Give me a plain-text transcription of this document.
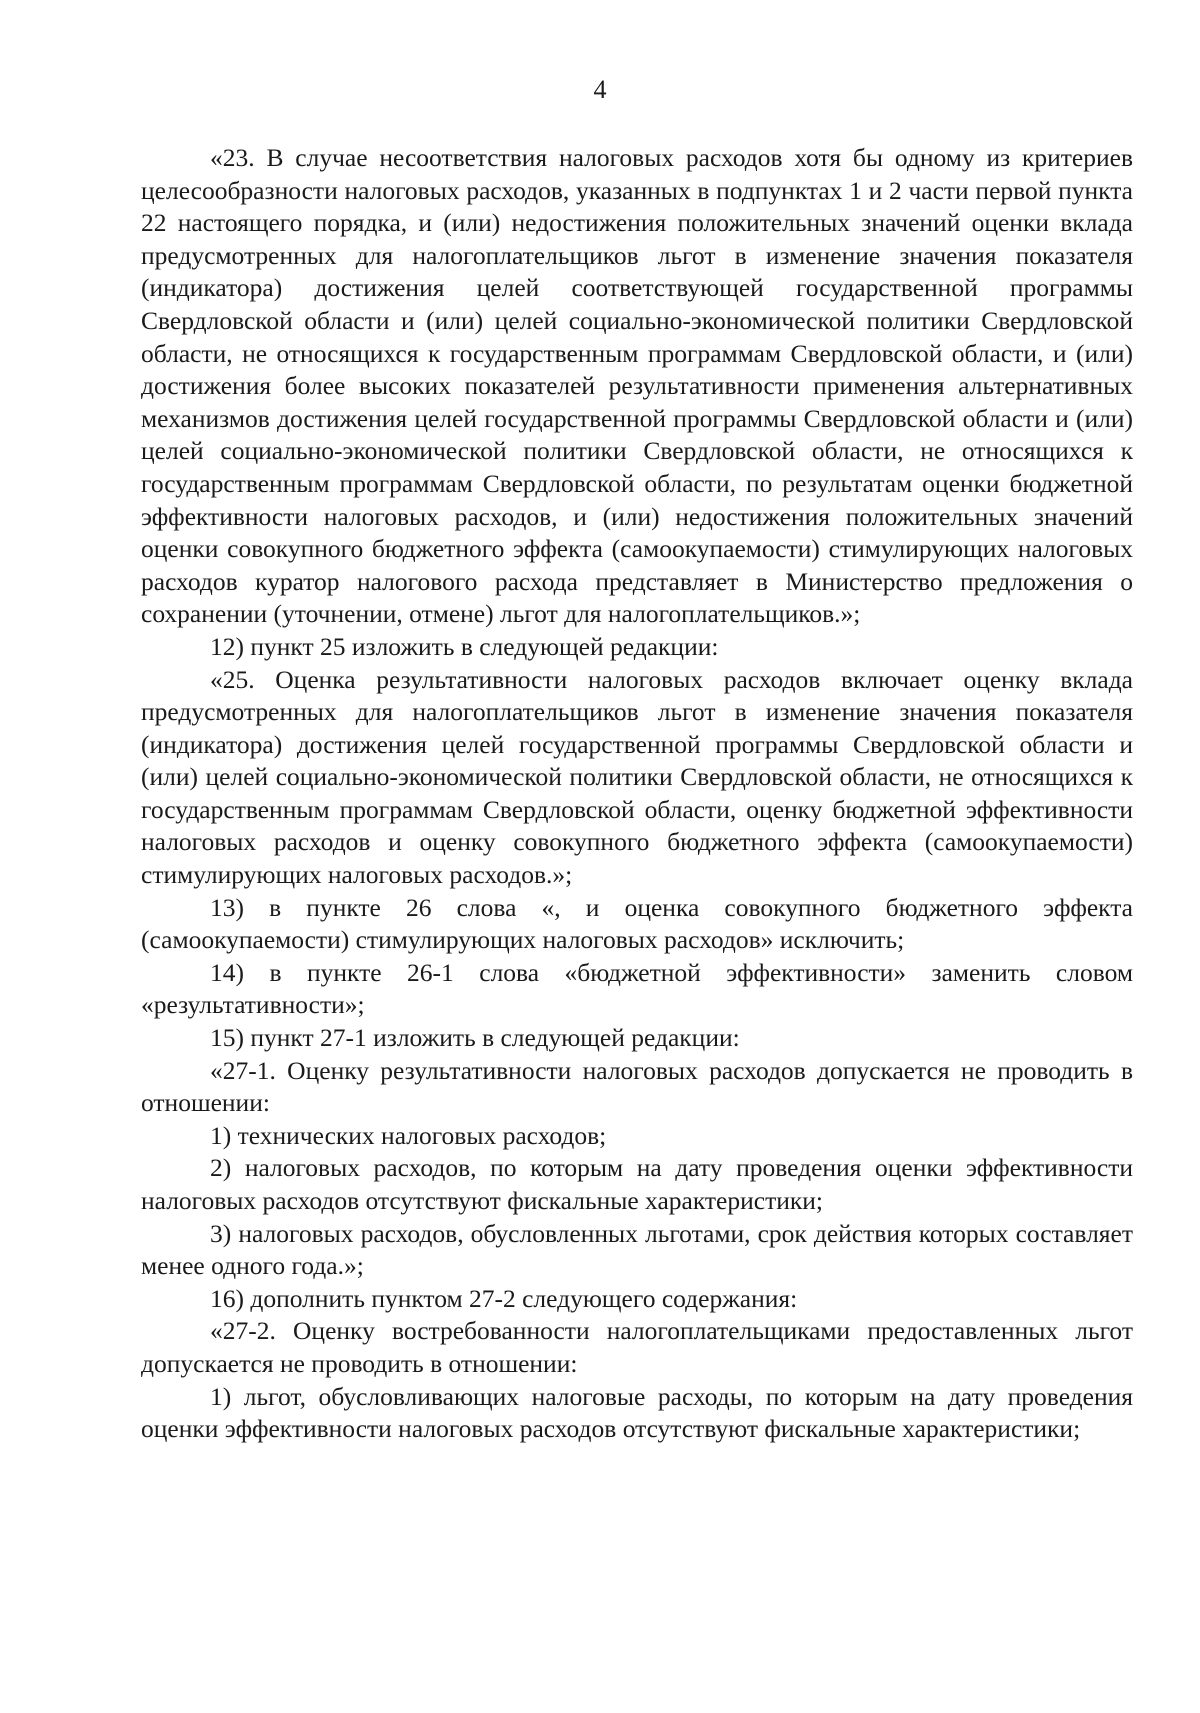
4

«23. В случае несоответствия налоговых расходов хотя бы одному из критериев целесообразности налоговых расходов, указанных в подпунктах 1 и 2 части первой пункта 22 настоящего порядка, и (или) недостижения положительных значений оценки вклада предусмотренных для налогоплательщиков льгот в изменение значения показателя (индикатора) достижения целей соответствующей государственной программы Свердловской области и (или) целей социально-экономической политики Свердловской области, не относящихся к государственным программам Свердловской области, и (или) достижения более высоких показателей результативности применения альтернативных механизмов достижения целей государственной программы Свердловской области и (или) целей социально-экономической политики Свердловской области, не относящихся к государственным программам Свердловской области, по результатам оценки бюджетной эффективности налоговых расходов, и (или) недостижения положительных значений оценки совокупного бюджетного эффекта (самоокупаемости) стимулирующих налоговых расходов куратор налогового расхода представляет в Министерство предложения о сохранении (уточнении, отмене) льгот для налогоплательщиков.»;

12) пункт 25 изложить в следующей редакции:

«25. Оценка результативности налоговых расходов включает оценку вклада предусмотренных для налогоплательщиков льгот в изменение значения показателя (индикатора) достижения целей государственной программы Свердловской области и (или) целей социально-экономической политики Свердловской области, не относящихся к государственным программам Свердловской области, оценку бюджетной эффективности налоговых расходов и оценку совокупного бюджетного эффекта (самоокупаемости) стимулирующих налоговых расходов.»;

13) в пункте 26 слова «, и оценка совокупного бюджетного эффекта (самоокупаемости) стимулирующих налоговых расходов» исключить;

14) в пункте 26-1 слова «бюджетной эффективности» заменить словом «результативности»;

15) пункт 27-1 изложить в следующей редакции:

«27-1. Оценку результативности налоговых расходов допускается не проводить в отношении:

1) технических налоговых расходов;

2) налоговых расходов, по которым на дату проведения оценки эффективности налоговых расходов отсутствуют фискальные характеристики;

3) налоговых расходов, обусловленных льготами, срок действия которых составляет менее одного года.»;

16) дополнить пунктом 27-2 следующего содержания:

«27-2. Оценку востребованности налогоплательщиками предоставленных льгот допускается не проводить в отношении:

1) льгот, обусловливающих налоговые расходы, по которым на дату проведения оценки эффективности налоговых расходов отсутствуют фискальные характеристики;
